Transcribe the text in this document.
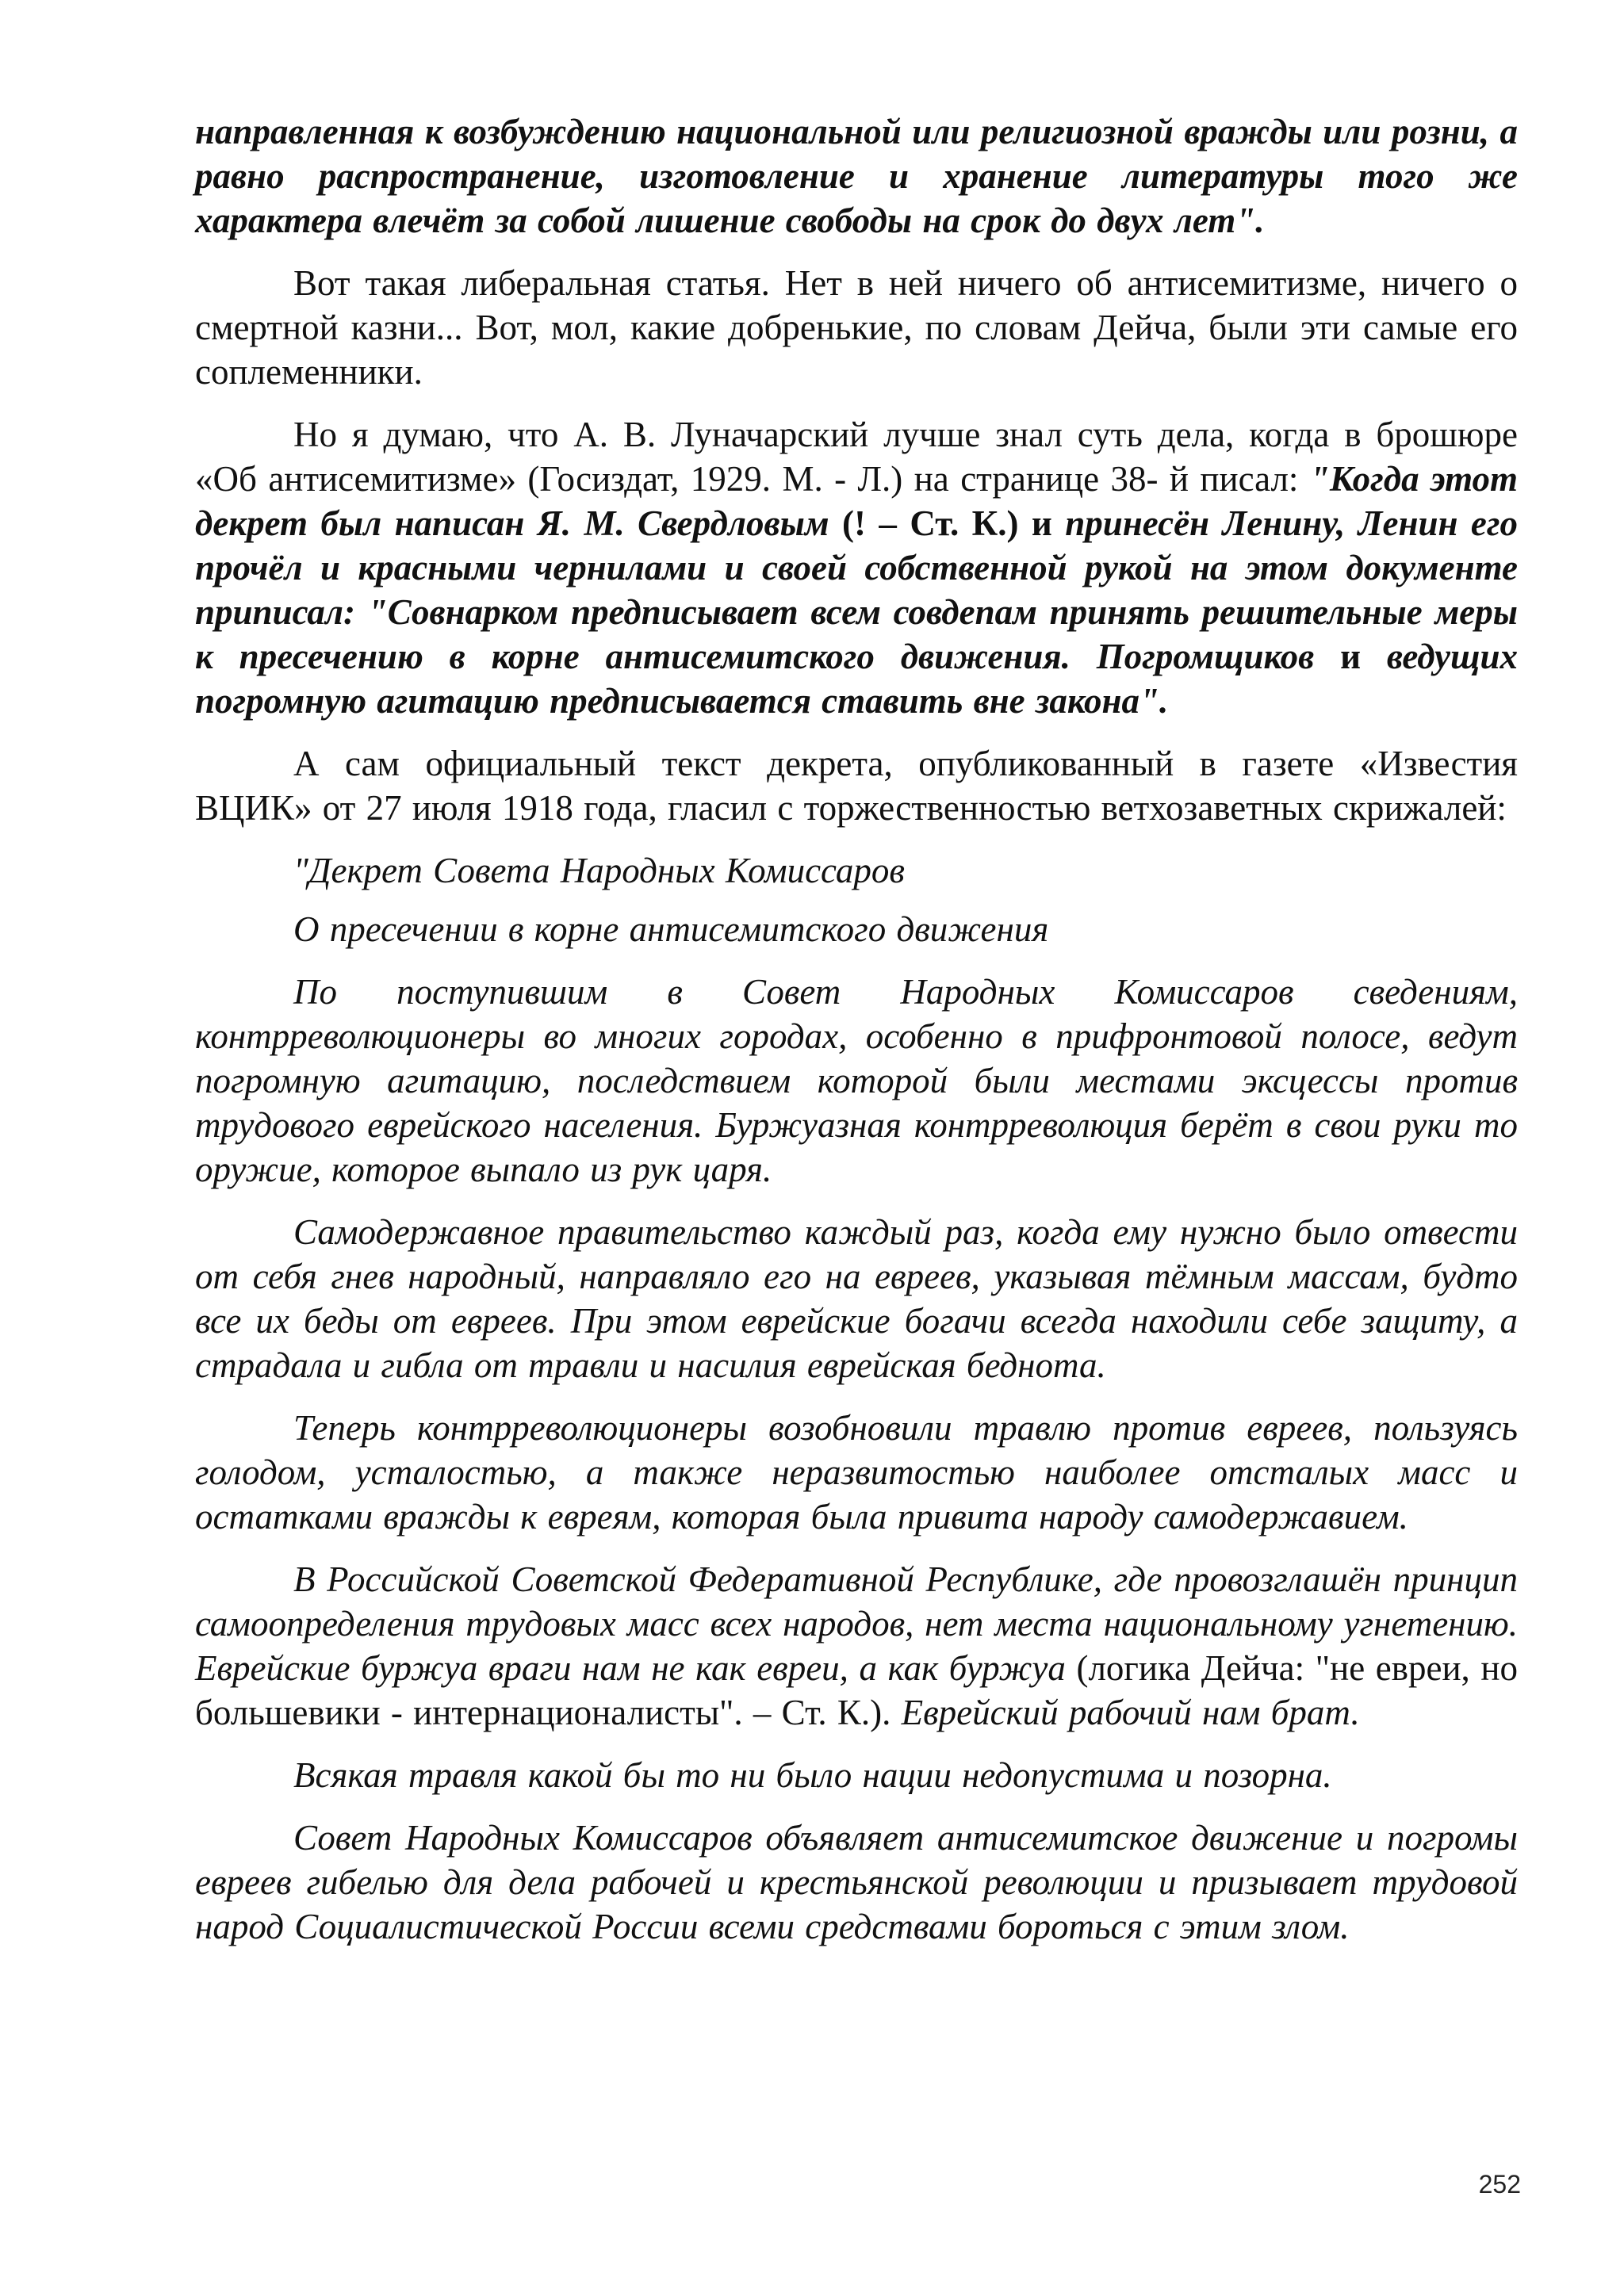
направленная к возбуждению национальной или религиозной вражды или розни, а равно распространение, изготовление и хранение литературы того же характера влечёт за собой лишение свободы на срок до двух лет".

Вот такая либеральная статья. Нет в ней ничего об антисемитизме, ничего о смертной казни... Вот, мол, какие добренькие, по словам Дейча, были эти самые его соплеменники.

Но я думаю, что А. В. Луначарский лучше знал суть дела, когда в брошюре «Об антисемитизме» (Госиздат, 1929. М. - Л.) на странице 38- й писал: "Когда этот декрет был написан Я. М. Свердловым (! – Ст. К.) и принесён Ленину, Ленин его прочёл и красными чернилами и своей собственной рукой на этом документе приписал: "Совнарком предписывает всем совдепам принять решительные меры к пресечению в корне антисемитского движения. Погромщиков и ведущих погромную агитацию предписывается ставить вне закона".

А сам официальный текст декрета, опубликованный в газете «Известия ВЦИК» от 27 июля 1918 года, гласил с торжественностью ветхозаветных скрижалей:

"Декрет Совета Народных Комиссаров

О пресечении в корне антисемитского движения

По поступившим в Совет Народных Комиссаров сведениям, контрреволюционеры во многих городах, особенно в прифронтовой полосе, ведут погромную агитацию, последствием которой были местами эксцессы против трудового еврейского населения. Буржуазная контрреволюция берёт в свои руки то оружие, которое выпало из рук царя.

Самодержавное правительство каждый раз, когда ему нужно было отвести от себя гнев народный, направляло его на евреев, указывая тёмным массам, будто все их беды от евреев. При этом еврейские богачи всегда находили себе защиту, а страдала и гибла от травли и насилия еврейская беднота.

Теперь контрреволюционеры возобновили травлю против евреев, пользуясь голодом, усталостью, а также неразвитостью наиболее отсталых масс и остатками вражды к евреям, которая была привита народу самодержавием.

В Российской Советской Федеративной Республике, где провозглашён принцип самоопределения трудовых масс всех народов, нет места национальному угнетению. Еврейские буржуа враги нам не как евреи, а как буржуа (логика Дейча: "не евреи, но большевики - интернационалисты". – Ст. К.). Еврейский рабочий нам брат.

Всякая травля какой бы то ни было нации недопустима и позорна.

Совет Народных Комиссаров объявляет антисемитское движение и погромы евреев гибелью для дела рабочей и крестьянской революции и призывает трудовой народ Социалистической России всеми средствами бороться с этим злом.

252
